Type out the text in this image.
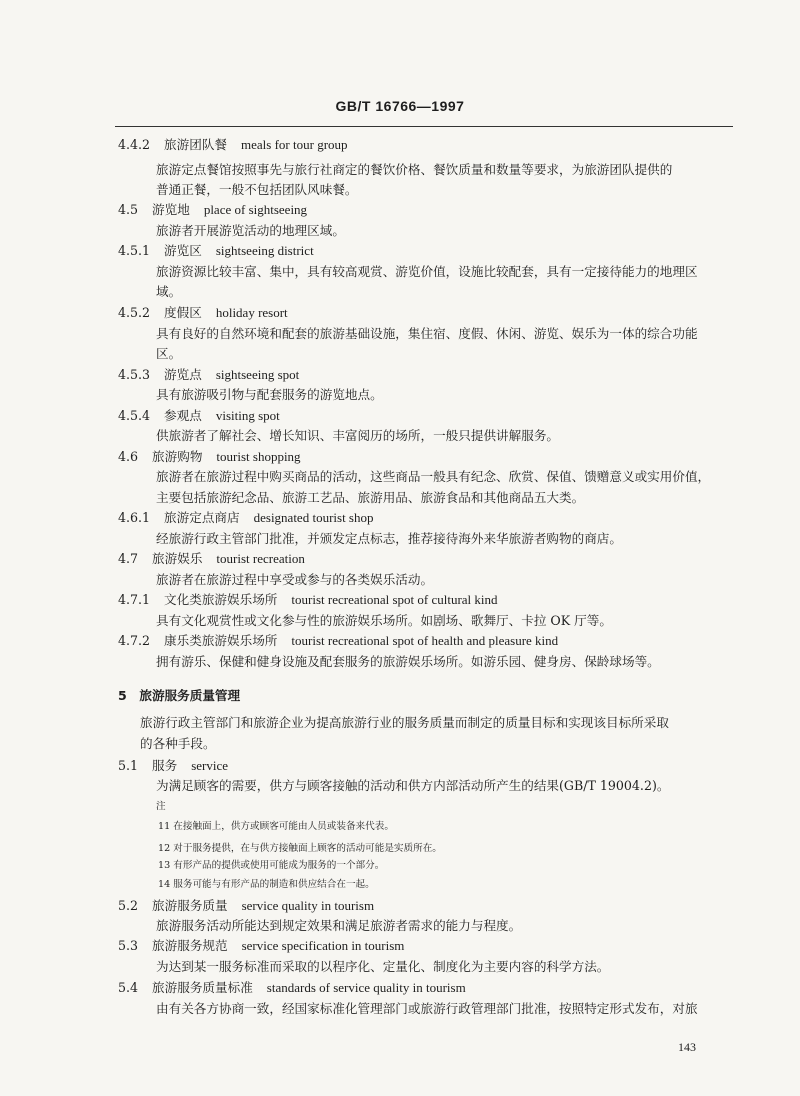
GB/T 16766—1997
4.4.2 旅游团队餐 meals for tour group
旅游定点餐馆按照事先与旅行社商定的餐饮价格、餐饮质量和数量等要求，为旅游团队提供的
普通正餐，一般不包括团队风味餐。
4.5 游览地 place of sightseeing
旅游者开展游览活动的地理区域。
4.5.1 游览区 sightseeing district
旅游资源比较丰富、集中，具有较高观赏、游览价值，设施比较配套，具有一定接待能力的地理区
域。
4.5.2 度假区 holiday resort
具有良好的自然环境和配套的旅游基础设施，集住宿、度假、休闲、游览、娱乐为一体的综合功能
区。
4.5.3 游览点 sightseeing spot
具有旅游吸引物与配套服务的游览地点。
4.5.4 参观点 visiting spot
供旅游者了解社会、增长知识、丰富阅历的场所，一般只提供讲解服务。
4.6 旅游购物 tourist shopping
旅游者在旅游过程中购买商品的活动，这些商品一般具有纪念、欣赏、保值、馈赠意义或实用价值，
主要包括旅游纪念品、旅游工艺品、旅游用品、旅游食品和其他商品五大类。
4.6.1 旅游定点商店 designated tourist shop
经旅游行政主管部门批准，并颁发定点标志，推荐接待海外来华旅游者购物的商店。
4.7 旅游娱乐 tourist recreation
旅游者在旅游过程中享受或参与的各类娱乐活动。
4.7.1 文化类旅游娱乐场所 tourist recreational spot of cultural kind
具有文化观赏性或文化参与性的旅游娱乐场所。如剧场、歌舞厅、卡拉 OK 厅等。
4.7.2 康乐类旅游娱乐场所 tourist recreational spot of health and pleasure kind
拥有游乐、保健和健身设施及配套服务的旅游娱乐场所。如游乐园、健身房、保龄球场等。
5　旅游服务质量管理
旅游行政主管部门和旅游企业为提高旅游行业的服务质量而制定的质量目标和实现该目标所采取
的各种手段。
5.1 服务 service
为满足顾客的需要，供方与顾客接触的活动和供方内部活动所产生的结果(GB/T 19004.2)。
注
11 在接触面上，供方或顾客可能由人员或装备来代表。
12 对于服务提供，在与供方接触面上顾客的活动可能是实质所在。
13 有形产品的提供或使用可能成为服务的一个部分。
14 服务可能与有形产品的制造和供应结合在一起。
5.2 旅游服务质量 service quality in tourism
旅游服务活动所能达到规定效果和满足旅游者需求的能力与程度。
5.3 旅游服务规范 service specification in tourism
为达到某一服务标准而采取的以程序化、定量化、制度化为主要内容的科学方法。
5.4 旅游服务质量标准 standards of service quality in tourism
由有关各方协商一致，经国家标准化管理部门或旅游行政管理部门批准，按照特定形式发布，对旅
143
